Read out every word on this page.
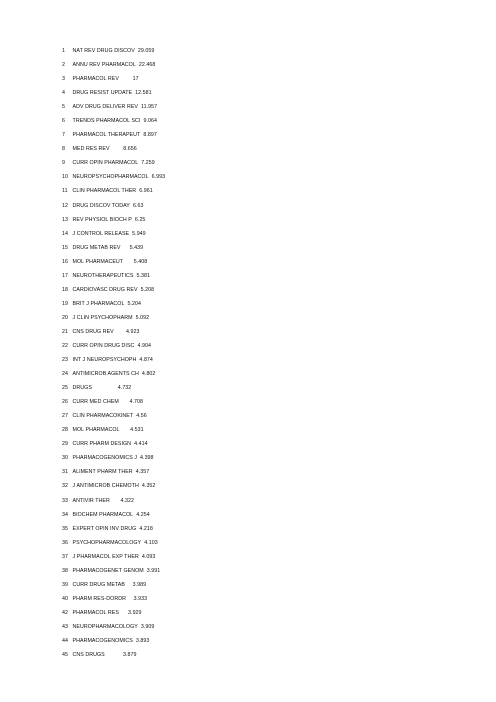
1 NAT REV DRUG DISCOV 29.059
2 ANNU REV PHARMACOL 22.468
3 PHARMACOL REV	17
4 DRUG RESIST UPDATE 12.581
5 ADV DRUG DELIVER REV 11.957
6 TRENDS PHARMACOL SCI 9.064
7 PHARMACOL THERAPEUT 8.897
8 MED RES REV	8.656
9 CURR OPIN PHARMACOL 7.259
10 NEUROPSYCHOPHARMACOL 6.993
11 CLIN PHARMACOL THER 6.961
12 DRUG DISCOV TODAY 6.63
13 REV PHYSIOL BIOCH P 6.25
14 J CONTROL RELEASE 5.949
15 DRUG METAB REV 5.439
16 MOL PHARMACEUT 5.408
17 NEUROTHERAPEUTICS 5.381
18 CARDIOVASC DRUG REV 5.208
19 BRIT J PHARMACOL 5.204
20 J CLIN PSYCHOPHARM 5.092
21 CNS DRUG REV 4.923
22 CURR OPIN DRUG DISC 4.904
23 INT J NEUROPSYCHOPH 4.874
24 ANTIMICROB AGENTS CH 4.802
25 DRUGS	4.732
26 CURR MED CHEM 4.708
27 CLIN PHARMACOKINET 4.56
28 MOL PHARMACOL 4.531
29 CURR PHARM DESIGN 4.414
30 PHARMACOGENOMICS J 4.398
31 ALIMENT PHARM THER 4.357
32 J ANTIMICROB CHEMOTH 4.352
33 ANTIVIR THER 4.322
34 BIOCHEM PHARMACOL 4.254
35 EXPERT OPIN INV DRUG 4.218
36 PSYCHOPHARMACOLOGY 4.103
37 J PHARMACOL EXP THER 4.093
38 PHARMACOGENET GENOM 3.991
39 CURR DRUG METAB 3.989
40 PHARM RES-DORDR 3.933
42 PHARMACOL RES 3.929
43 NEUROPHARMACOLOGY 3.909
44 PHARMACOGENOMICS 3.893
45 CNS DRUGS	3.879
